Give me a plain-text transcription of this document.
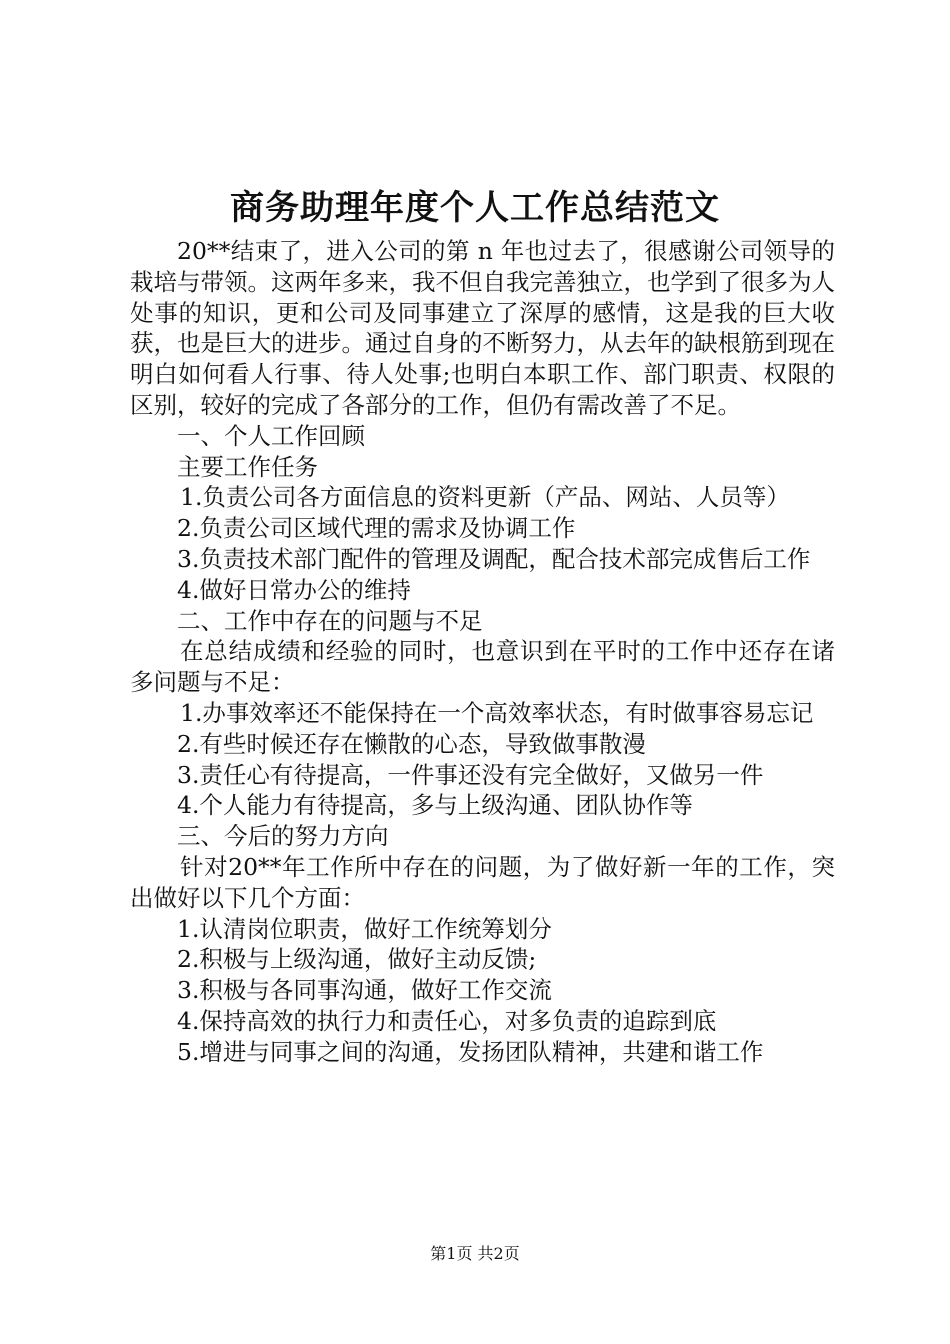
商务助理年度个人工作总结范文

20**结束了，进入公司的第 n 年也过去了，很感谢公司领导的栽培与带领。这两年多来，我不但自我完善独立，也学到了很多为人处事的知识，更和公司及同事建立了深厚的感情，这是我的巨大收获，也是巨大的进步。通过自身的不断努力，从去年的缺根筋到现在明白如何看人行事、待人处事;也明白本职工作、部门职责、权限的区别，较好的完成了各部分的工作，但仍有需改善了不足。

一、个人工作回顾

主要工作任务

1.负责公司各方面信息的资料更新（产品、网站、人员等）

2.负责公司区域代理的需求及协调工作

3.负责技术部门配件的管理及调配，配合技术部完成售后工作

4.做好日常办公的维持

二、工作中存在的问题与不足

在总结成绩和经验的同时，也意识到在平时的工作中还存在诸多问题与不足：

1.办事效率还不能保持在一个高效率状态，有时做事容易忘记

2.有些时候还存在懒散的心态，导致做事散漫

3.责任心有待提高，一件事还没有完全做好，又做另一件

4.个人能力有待提高，多与上级沟通、团队协作等

三、今后的努力方向

针对20**年工作所中存在的问题，为了做好新一年的工作，突出做好以下几个方面：

1.认清岗位职责，做好工作统筹划分

2.积极与上级沟通，做好主动反馈;

3.积极与各同事沟通，做好工作交流

4.保持高效的执行力和责任心，对多负责的追踪到底

5.增进与同事之间的沟通，发扬团队精神，共建和谐工作

第1页 共2页
